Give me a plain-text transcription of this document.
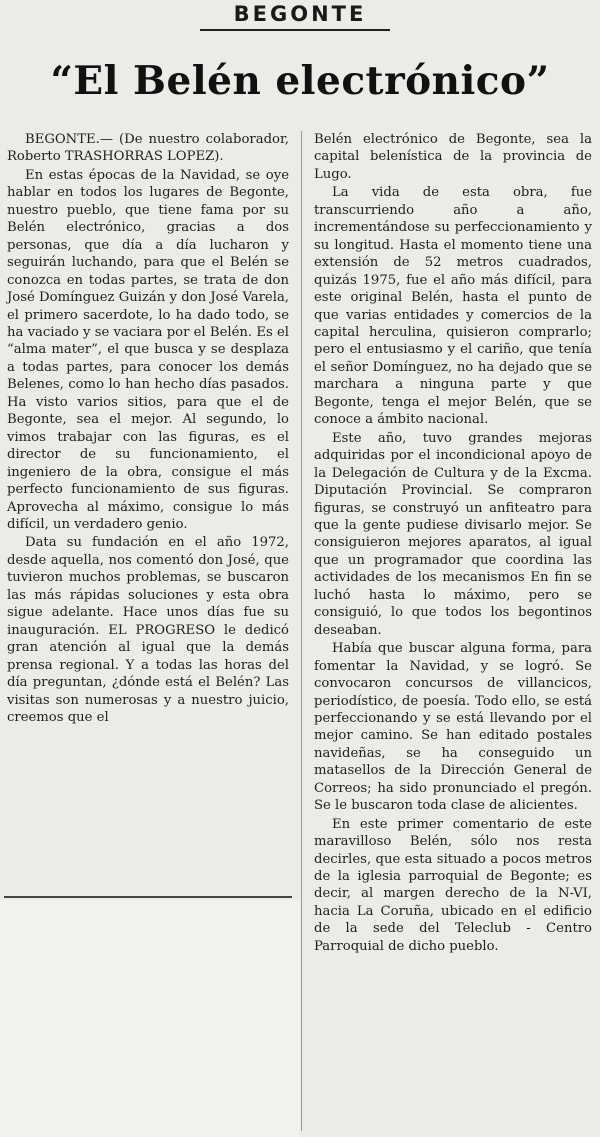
BEGONTE
“El Belén electrónico”

BEGONTE.— (De nuestro colaborador, Roberto TRASHORRAS LOPEZ).

En estas épocas de la Navidad, se oye hablar en todos los lugares de Begonte, nuestro pueblo, que tiene fama por su Belén electrónico, gracias a dos personas, que día a día lucharon y seguirán luchando, para que el Belén se conozca en todas partes, se trata de don José Domínguez Guizán y don José Varela, el primero sacerdote, lo ha dado todo, se ha vaciado y se vaciara por el Belén. Es el “alma mater”, el que busca y se desplaza a todas partes, para conocer los demás Belenes, como lo han hecho días pasados. Ha visto varios sitios, para que el de Begonte, sea el mejor. Al segundo, lo vimos trabajar con las figuras, es el director de su funcionamiento, el ingeniero de la obra, consigue el más perfecto funcionamiento de sus figuras. Aprovecha al máximo, consigue lo más difícil, un verdadero genio.

Data su fundación en el año 1972, desde aquella, nos comentó don José, que tuvieron muchos problemas, se buscaron las más rápidas soluciones y esta obra sigue adelante. Hace unos días fue su inauguración. EL PROGRESO le dedicó gran atención al igual que la demás prensa regional. Y a todas las horas del día preguntan, ¿dónde está el Belén? Las visitas son numerosas y a nuestro juicio, creemos que el

Belén electrónico de Begonte, sea la capital belenística de la provincia de Lugo.

La vida de esta obra, fue transcurriendo año a año, incrementándose su perfeccionamiento y su longitud. Hasta el momento tiene una extensión de 52 metros cuadrados, quizás 1975, fue el año más difícil, para este original Belén, hasta el punto de que varias entidades y comercios de la capital herculina, quisieron comprarlo; pero el entusiasmo y el cariño, que tenía el señor Domínguez, no ha dejado que se marchara a ninguna parte y que Begonte, tenga el mejor Belén, que se conoce a ámbito nacional.

Este año, tuvo grandes mejoras adquiridas por el incondicional apoyo de la Delegación de Cultura y de la Excma. Diputación Provincial. Se compraron figuras, se construyó un anfiteatro para que la gente pudiese divisarlo mejor. Se consiguieron mejores aparatos, al igual que un programador que coordina las actividades de los mecanismos En fin se luchó hasta lo máximo, pero se consiguió, lo que todos los begontinos deseaban.

Había que buscar alguna forma, para fomentar la Navidad, y se logró. Se convocaron concursos de villancicos, periodístico, de poesía. Todo ello, se está perfeccionando y se está llevando por el mejor camino. Se han editado postales navideñas, se ha conseguido un matasellos de la Dirección General de Correos; ha sido pronunciado el pregón. Se le buscaron toda clase de alicientes.

En este primer comentario de este maravilloso Belén, sólo nos resta decirles, que esta situado a pocos metros de la iglesia parroquial de Begonte; es decir, al margen derecho de la N-VI, hacia La Coruña, ubicado en el edificio de la sede del Teleclub - Centro Parroquial de dicho pueblo.
